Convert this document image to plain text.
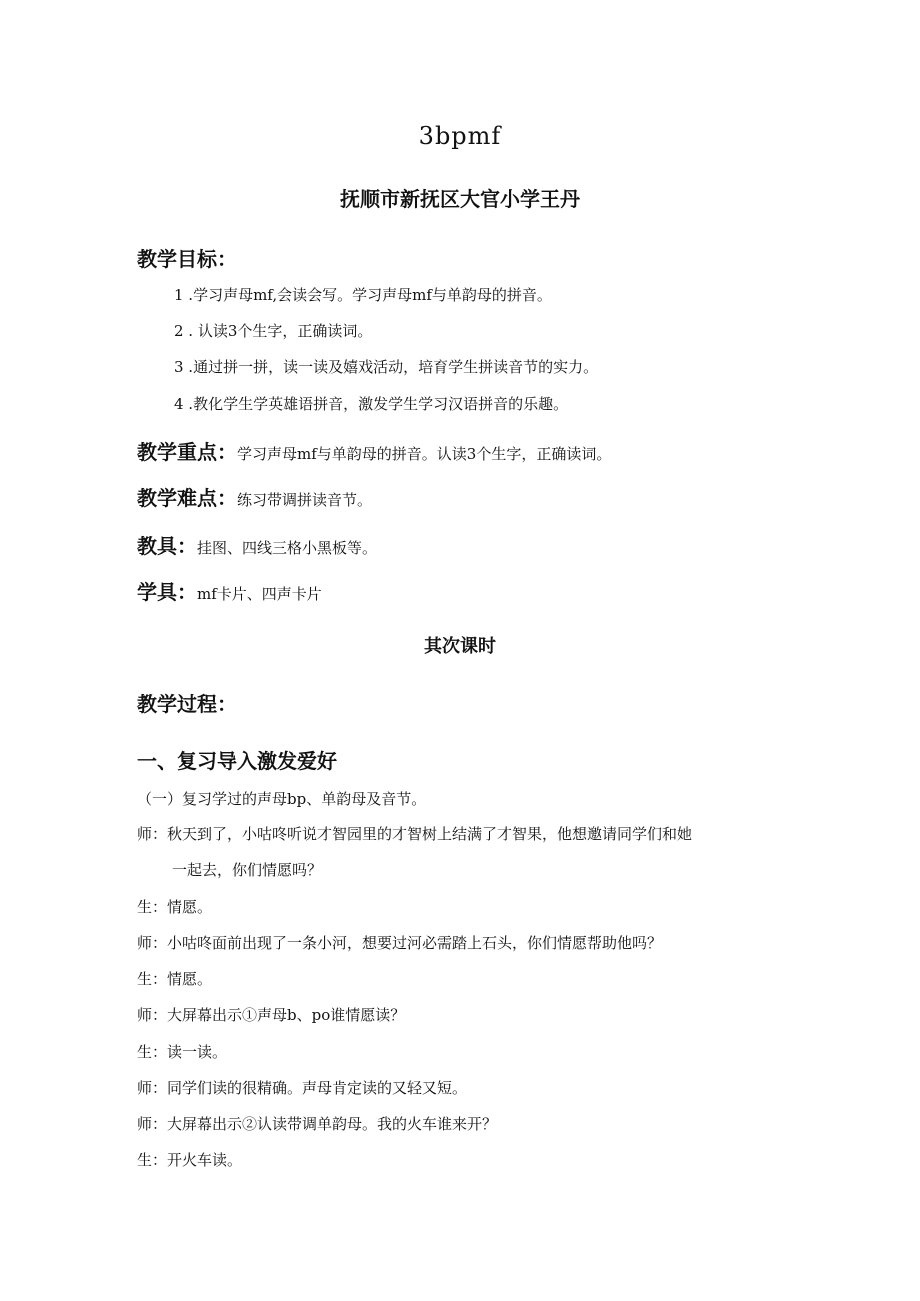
3bpmf
抚顺市新抚区大官小学王丹
教学目标：
1 .学习声母mf,会读会写。学习声母mf与单韵母的拼音。
2 . 认读3个生字，正确读词。
3 .通过拼一拼，读一读及嬉戏活动，培育学生拼读音节的实力。
4 .教化学生学英雄语拼音，激发学生学习汉语拼音的乐趣。
教学重点：学习声母mf与单韵母的拼音。认读3个生字，正确读词。
教学难点：练习带调拼读音节。
教具：挂图、四线三格小黑板等。
学具：mf卡片、四声卡片
其次课时
教学过程：
一、复习导入激发爱好
（一）复习学过的声母bp、单韵母及音节。
师：秋天到了，小咕咚听说才智园里的才智树上结满了才智果，他想邀请同学们和她
一起去，你们情愿吗？
生：情愿。
师：小咕咚面前出现了一条小河，想要过河必需踏上石头，你们情愿帮助他吗？
生：情愿。
师：大屏幕出示①声母b、po谁情愿读？
生：读一读。
师：同学们读的很精确。声母肯定读的又轻又短。
师：大屏幕出示②认读带调单韵母。我的火车谁来开？
生：开火车读。
